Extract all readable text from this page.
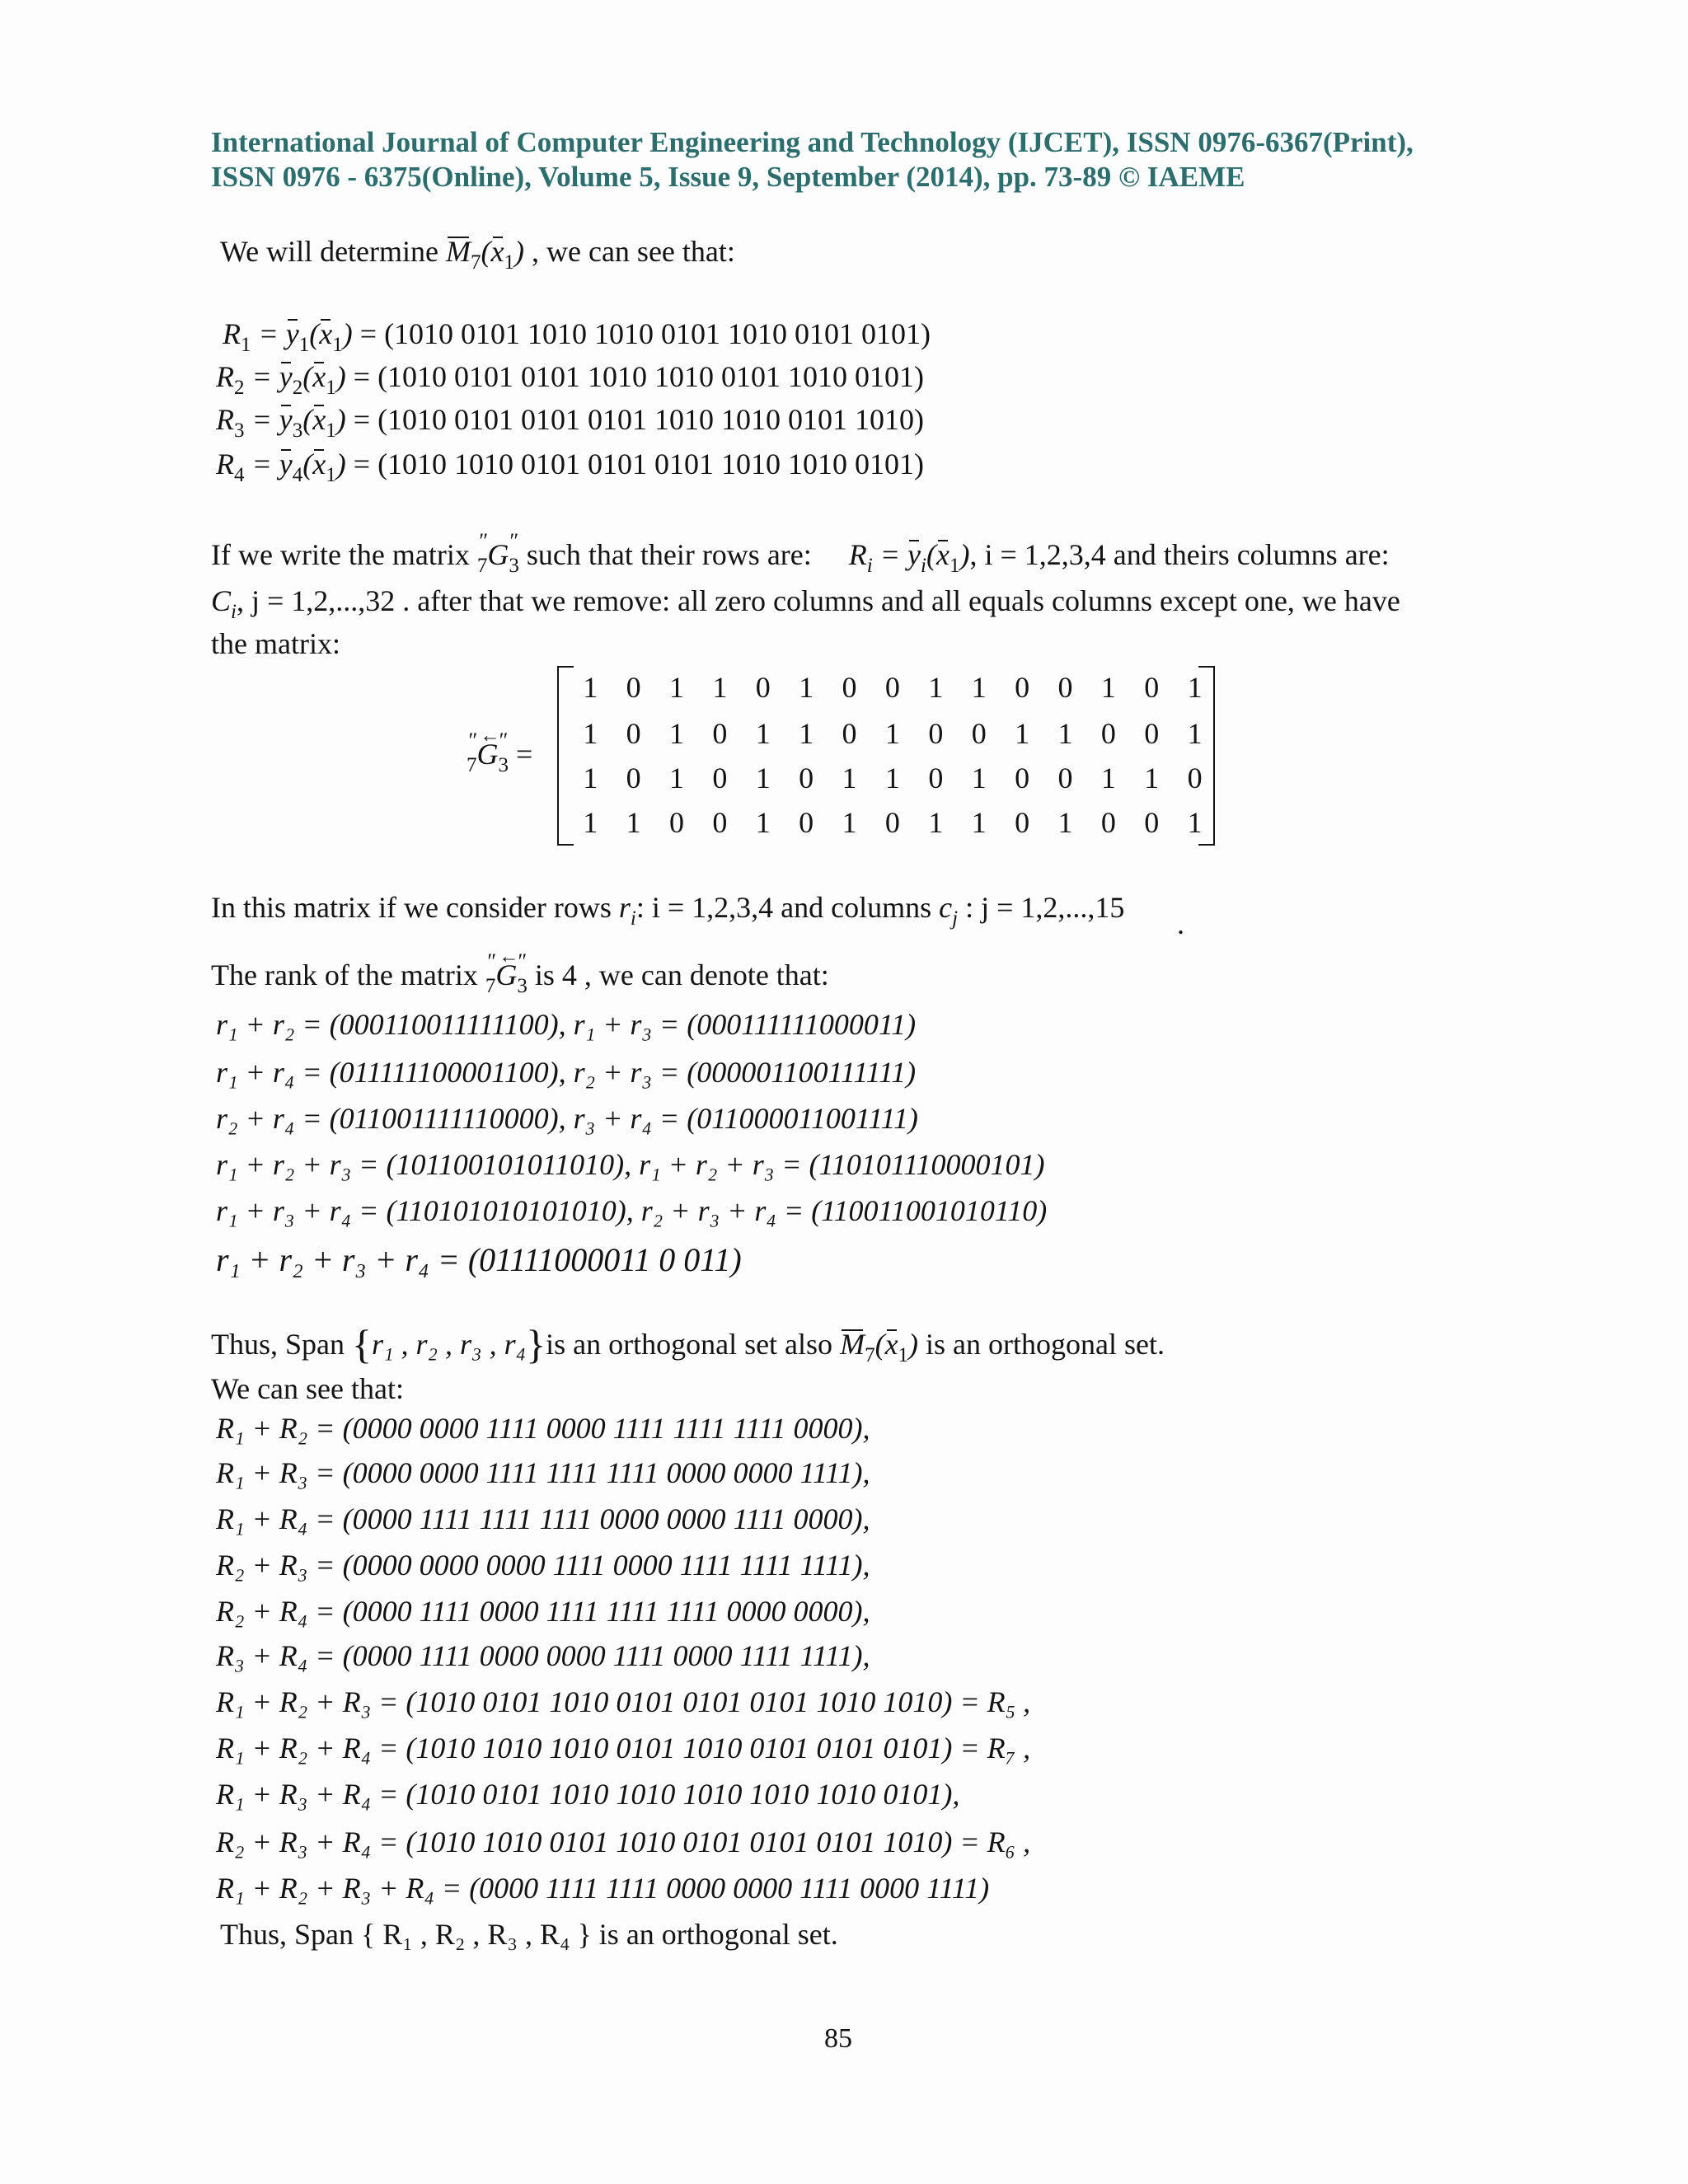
International Journal of Computer Engineering and Technology (IJCET), ISSN 0976-6367(Print),
ISSN 0976 - 6375(Online), Volume 5, Issue 9, September (2014), pp. 73-89 © IAEME
We will determine $M_7(x_1)$ , we can see that:
$R_1 = y_1(x_1) = (1010$ 0101 1010 1010 0101 1010 0101 0101)
$R_2 = y_2(x_1) = (1010$ 0101 0101 1010 1010 0101 1010 0101)
$R_3 = y_3(x_1) = (1010$ 0101 0101 0101 1010 1010 0101 1010)
$R_4 = y_4(x_1) = (1010$ 1010 0101 0101 0101 1010 1010 0101)
If we write the matrix $_7$″ G $''_3$ such that their rows are: $R_i = y_i(x_1)$, i = 1,2,3,4 and theirs columns are:
$C_i$, j = 1,2,...,32 . after that we remove: all zero columns and all equals columns except one, we have
the matrix:
$_7$″ ← G $''_3$ =
1 0 1 1 0 1 0 0 1 1 0 0 1 0 1
1 0 1 0 1 1 0 1 0 0 1 1 0 0 1
1 0 1 0 1 0 1 1 0 1 0 0 1 1 0
1 1 0 0 1 0 1 0 1 1 0 1 0 0 1
In this matrix if we consider rows $r_i$: i = 1,2,3,4 and columns $c_j$ : j = 1,2,...,15 .
The rank of the matrix $_7$″ ← G $''_3$ is 4 , we can denote that:
r₁ + r₂ = (000110011111100), r₁ + r₃ = (000111111000011)
r₁ + r₄ = (011111100001100), r₂ + r₃ = (000001100111111)
r₂ + r₄ = (011001111110000), r₃ + r₄ = (011000011001111)
r₁ + r₂ + r₃ = (101100101011010), r₁ + r₂ + r₃ = (110101110000101)
r₁ + r₃ + r₄ = (110101010101010), r₂ + r₃ + r₄ = (110011001010110)
r₁ + r₂ + r₃ + r₄ = (01111000011 0 011)
Thus, Span {r₁ , r₂ , r₃ , r₄}is an orthogonal set also $M_7(x_1)$ is an orthogonal set.
We can see that:
R₁ + R₂ = (0000 0000 1111 0000 1111 1111 1111 0000),
R₁ + R₃ = (0000 0000 1111 1111 1111 0000 0000 1111),
R₁ + R₄ = (0000 1111 1111 1111 0000 0000 1111 0000),
R₂ + R₃ = (0000 0000 0000 1111 0000 1111 1111 1111),
R₂ + R₄ = (0000 1111 0000 1111 1111 1111 0000 0000),
R₃ + R₄ = (0000 1111 0000 0000 1111 0000 1111 1111),
R₁ + R₂ + R₃ = (1010 0101 1010 0101 0101 0101 1010 1010) = R₅ ,
R₁ + R₂ + R₄ = (1010 1010 1010 0101 1010 0101 0101 0101) = R₇ ,
R₁ + R₃ + R₄ = (1010 0101 1010 1010 1010 1010 1010 0101),
R₂ + R₃ + R₄ = (1010 1010 0101 1010 0101 0101 0101 1010) = R₆ ,
R₁ + R₂ + R₃ + R₄ = (0000 1111 1111 0000 0000 1111 0000 1111)
Thus, Span { R₁ , R₂ , R₃ , R₄ } is an orthogonal set.
85
